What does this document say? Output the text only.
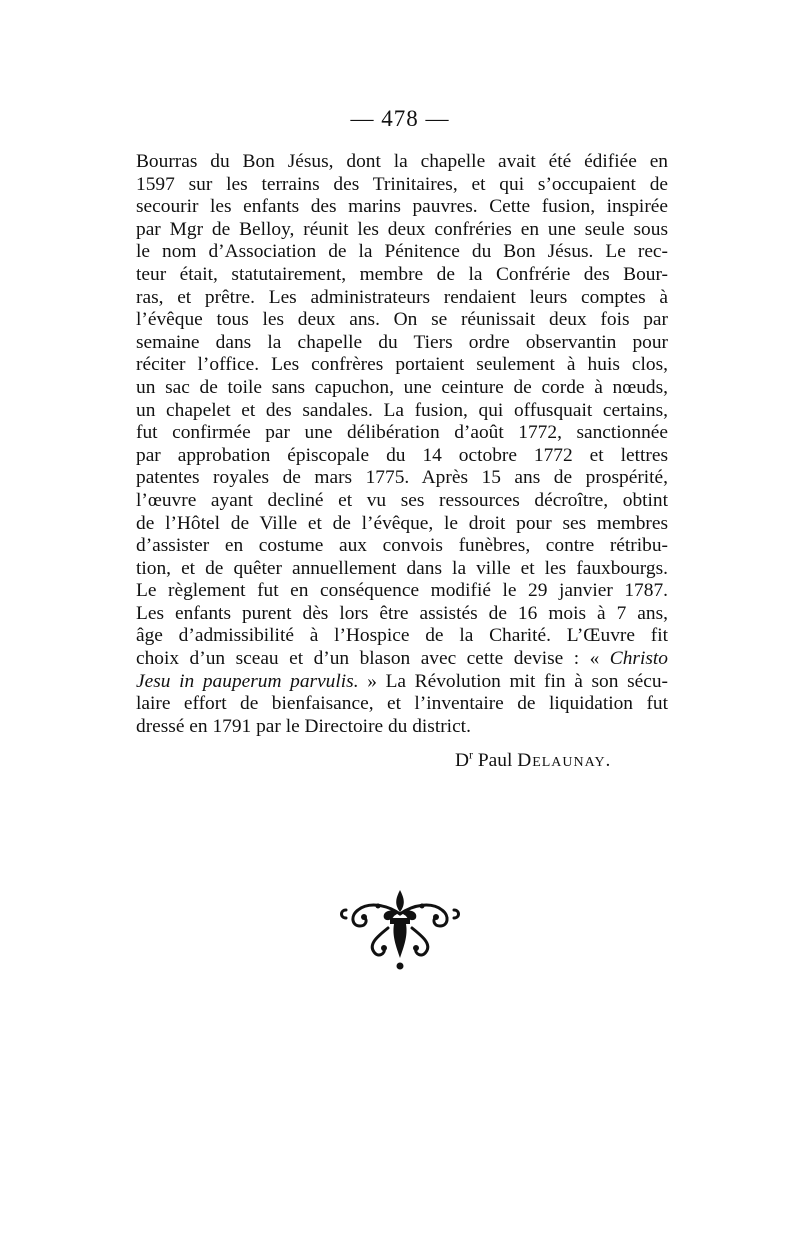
— 478 —
Bourras du Bon Jésus, dont la chapelle avait été édifiée en
1597 sur les terrains des Trinitaires, et qui s’occupaient de
secourir les enfants des marins pauvres. Cette fusion, inspirée
par Mgr de Belloy, réunit les deux confréries en une seule sous
le nom d’Association de la Pénitence du Bon Jésus. Le rec-
teur était, statutairement, membre de la Confrérie des Bour-
ras, et prêtre. Les administrateurs rendaient leurs comptes à
l’évêque tous les deux ans. On se réunissait deux fois par
semaine dans la chapelle du Tiers ordre observantin pour
réciter l’office. Les confrères portaient seulement à huis clos,
un sac de toile sans capuchon, une ceinture de corde à nœuds,
un chapelet et des sandales. La fusion, qui offusquait certains,
fut confirmée par une délibération d’août 1772, sanctionnée
par approbation épiscopale du 14 octobre 1772 et lettres
patentes royales de mars 1775. Après 15 ans de prospérité,
l’œuvre ayant decliné et vu ses ressources décroître, obtint
de l’Hôtel de Ville et de l’évêque, le droit pour ses membres
d’assister en costume aux convois funèbres, contre rétribu-
tion, et de quêter annuellement dans la ville et les fauxbourgs.
Le règlement fut en conséquence modifié le 29 janvier 1787.
Les enfants purent dès lors être assistés de 16 mois à 7 ans,
âge d’admissibilité à l’Hospice de la Charité. L’Œuvre fit
choix d’un sceau et d’un blason avec cette devise : « Christo
Jesu in pauperum parvulis. » La Révolution mit fin à son sécu-
laire effort de bienfaisance, et l’inventaire de liquidation fut
dressé en 1791 par le Directoire du district.
$D^r$ Paul Delaunay.
